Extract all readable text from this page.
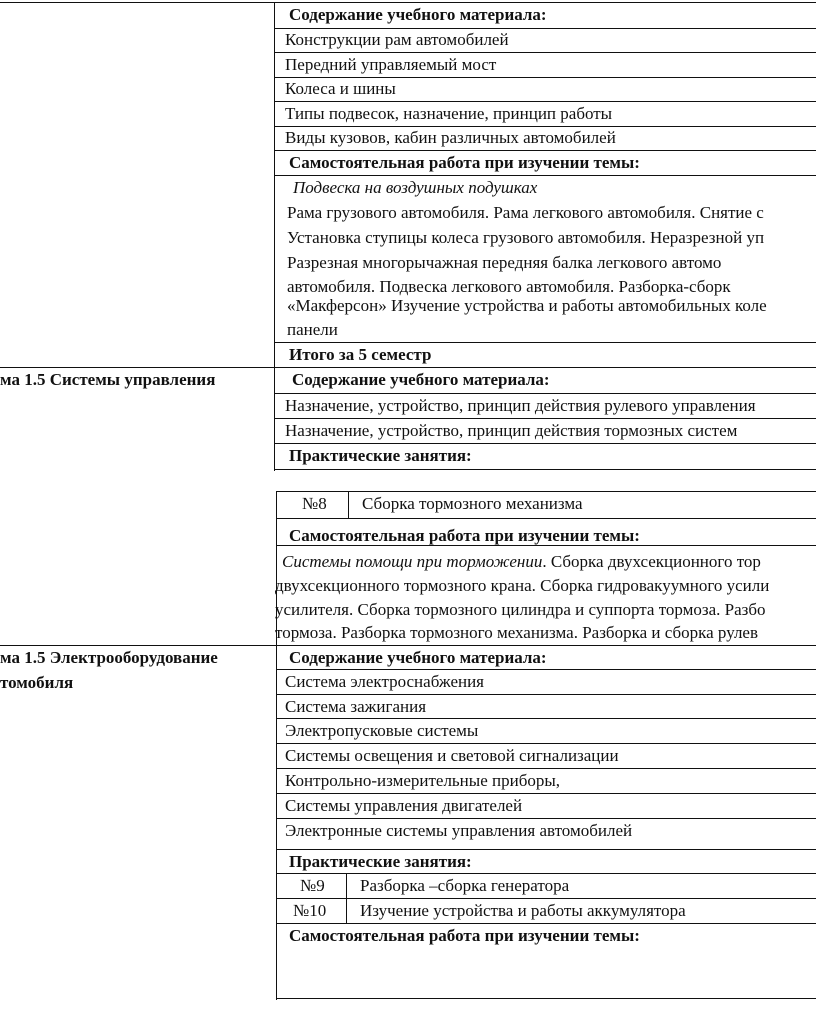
Содержание учебного материала:
Конструкции рам автомобилей
Передний управляемый мост
Колеса и шины
Типы подвесок, назначение, принцип работы
Виды кузовов, кабин различных автомобилей
Самостоятельная работа при изучении темы:
Подвеска на воздушных подушках
Рама грузового автомобиля. Рама легкового автомобиля. Снятие с
Установка ступицы колеса грузового автомобиля. Неразрезной уп
Разрезная многорычажная передняя балка легкового автомо
автомобиля. Подвеска легкового автомобиля. Разборка-сборк
«Макферсон» Изучение устройства и работы автомобильных коле
панели
Итого за 5 семестр
ма 1.5 Системы управления	Содержание учебного материала:
Назначение, устройство, принцип действия рулевого управления
Назначение, устройство, принцип действия тормозных систем
Практические занятия:
№8 Сборка тормозного механизма
Самостоятельная работа при изучении темы:
Системы помощи при торможении. Сборка двухсекционного тор
двухсекционного тормозного крана. Сборка гидровакуумного усили
усилителя. Сборка тормозного цилиндра и суппорта тормоза. Разбо
тормоза. Разборка тормозного механизма. Разборка и сборка рулев
ма 1.5 Электрооборудование
томобиля
Содержание учебного материала:
Система электроснабжения
Система зажигания
Электропусковые системы
Системы освещения и световой сигнализации
Контрольно-измерительные приборы,
Системы управления двигателей
Электронные системы управления автомобилей
Практические занятия:
№9 Разборка –сборка генератора
№10 Изучение устройства и работы аккумулятора
Самостоятельная работа при изучении темы:
